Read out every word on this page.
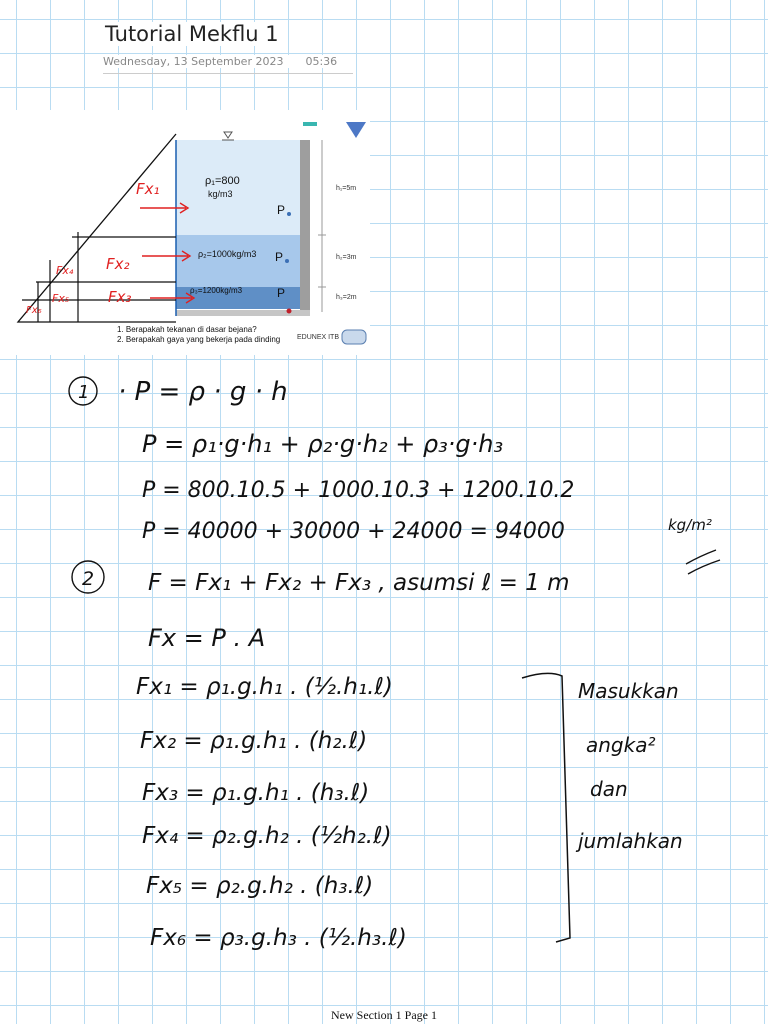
Tutorial Mekflu 1
Wednesday, 13 September 2023 05:36
h₁=5m
h₂=3m
h₃=2m
ρ₁=800
kg/m3
ρ₂=1000kg/m3
ρ₃=1200kg/m3
P
P
P
1. Berapakah tekanan di dasar bejana?
2. Berapakah gaya yang bekerja pada dinding EDUNEX ITB
Fx₁
Fx₂
Fx₃
Fx₄
Fx₅
Fx₆
1 · P = ρ · g · h
P = ρ₁·g·h₁ + ρ₂·g·h₂ + ρ₃·g·h₃
P = 800.10.5 + 1000.10.3 + 1200.10.2
P = 40000 + 30000 + 24000 = 94000	kg/m²
2 F = Fx₁ + Fx₂ + Fx₃ , asumsi ℓ = 1 m
Fx = P . A
Fx₁ = ρ₁.g.h₁ . (½.h₁.ℓ)
Fx₂ = ρ₁.g.h₁ . (h₂.ℓ)
Fx₃ = ρ₁.g.h₁ . (h₃.ℓ)
Fx₄ = ρ₂.g.h₂ . (½h₂.ℓ)
Fx₅ = ρ₂.g.h₂ . (h₃.ℓ)
Fx₆ = ρ₃.g.h₃ . (½.h₃.ℓ)
Masukkan
angka²
dan
jumlahkan
New Section 1 Page 1
